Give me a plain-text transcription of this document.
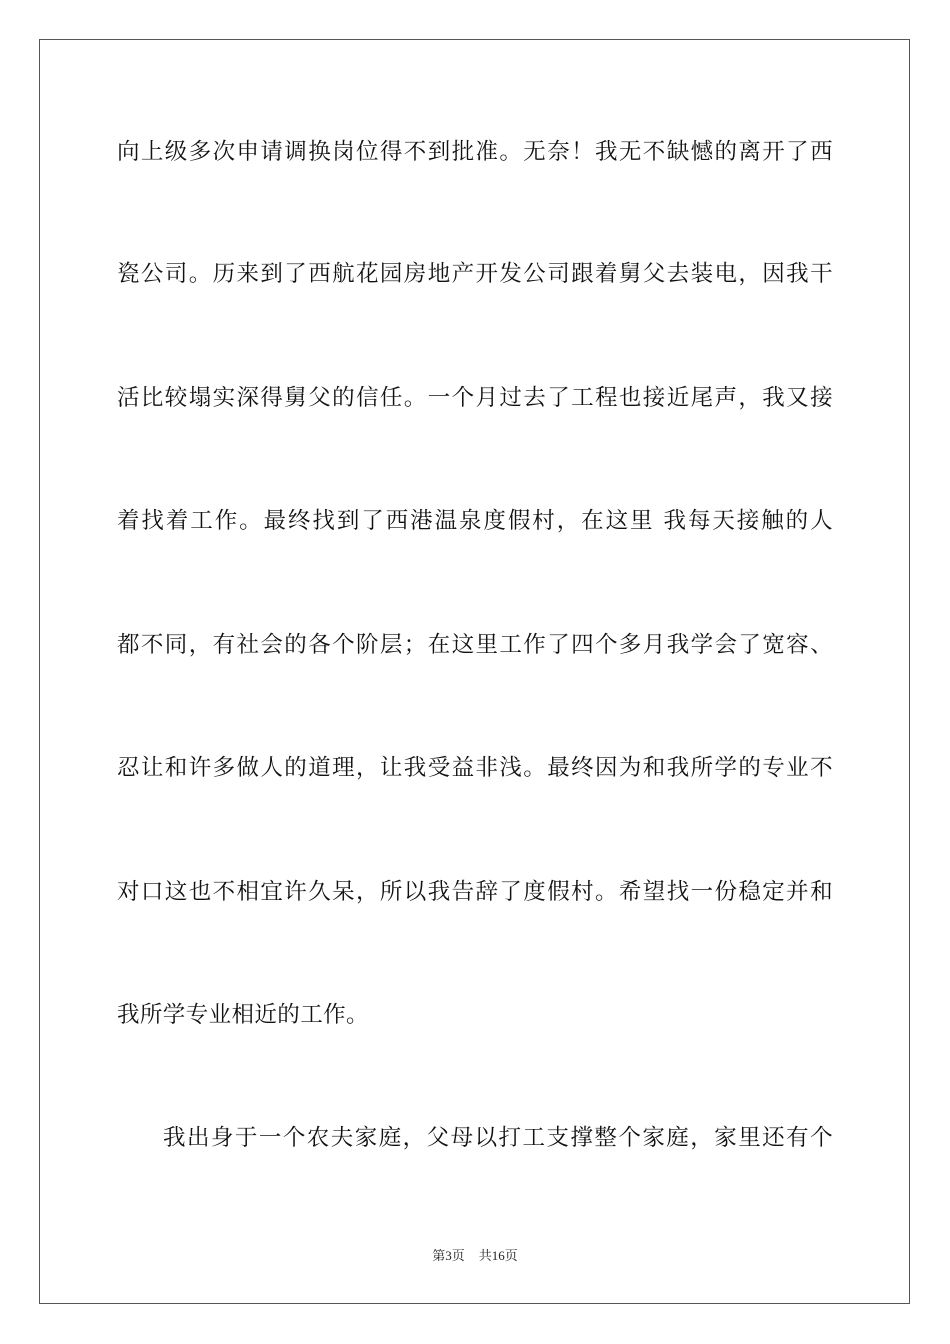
向上级多次申请调换岗位得不到批准。无奈！我无不缺憾的离开了西
瓷公司。历来到了西航花园房地产开发公司跟着舅父去装电，因我干
活比较塌实深得舅父的信任。一个月过去了工程也接近尾声，我又接
着找着工作。最终找到了西港温泉度假村，在这里 我每天接触的人
都不同，有社会的各个阶层；在这里工作了四个多月我学会了宽容、
忍让和许多做人的道理，让我受益非浅。最终因为和我所学的专业不
对口这也不相宜许久呆，所以我告辞了度假村。希望找一份稳定并和
我所学专业相近的工作。
我出身于一个农夫家庭，父母以打工支撑整个家庭，家里还有个
第3页 共16页
